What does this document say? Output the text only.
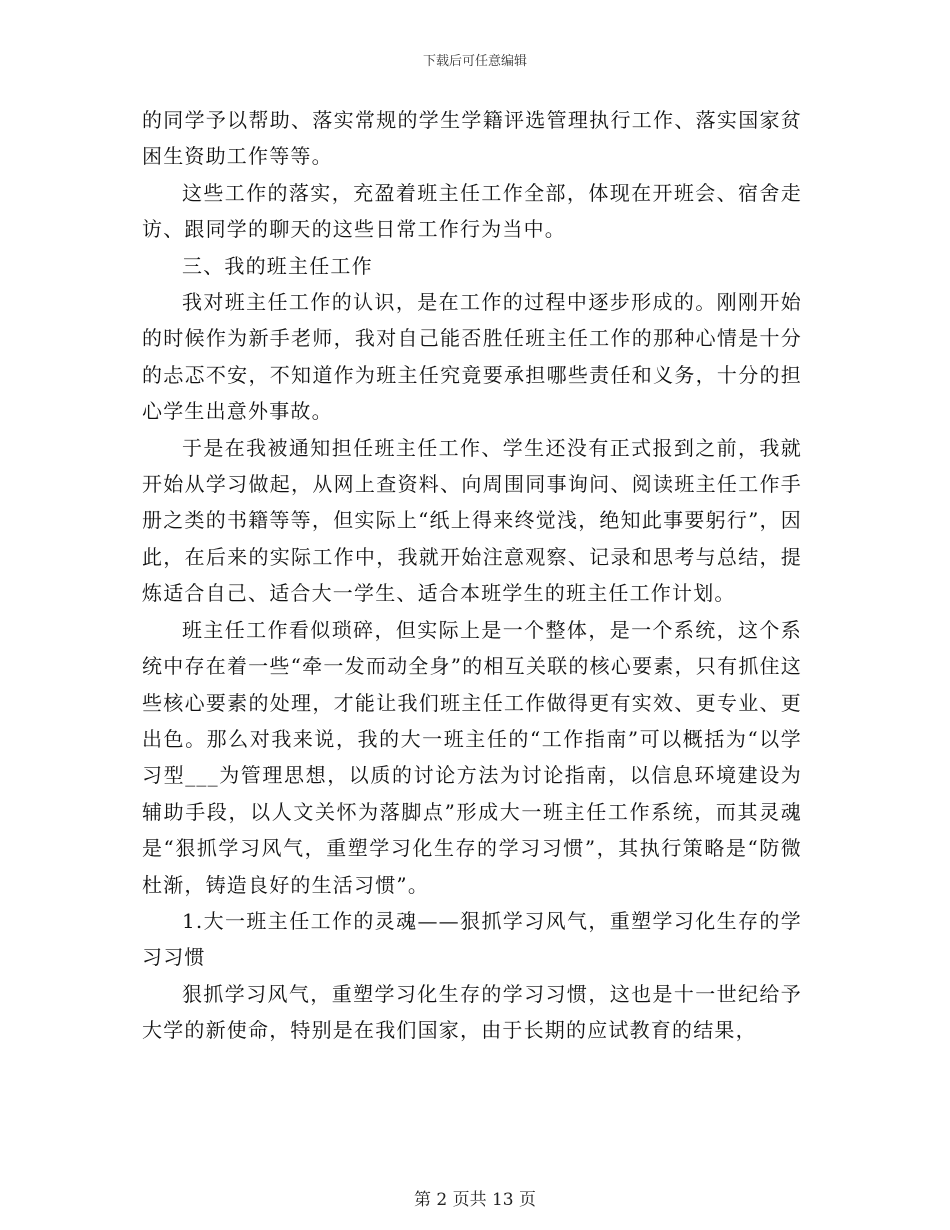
下载后可任意编辑

的同学予以帮助、落实常规的学生学籍评选管理执行工作、落实国家贫困生资助工作等等。

这些工作的落实，充盈着班主任工作全部，体现在开班会、宿舍走访、跟同学的聊天的这些日常工作行为当中。

三、我的班主任工作

我对班主任工作的认识，是在工作的过程中逐步形成的。刚刚开始的时候作为新手老师，我对自己能否胜任班主任工作的那种心情是十分的忐忑不安，不知道作为班主任究竟要承担哪些责任和义务，十分的担心学生出意外事故。

于是在我被通知担任班主任工作、学生还没有正式报到之前，我就开始从学习做起，从网上查资料、向周围同事询问、阅读班主任工作手册之类的书籍等等，但实际上“纸上得来终觉浅，绝知此事要躬行”，因此，在后来的实际工作中，我就开始注意观察、记录和思考与总结，提炼适合自己、适合大一学生、适合本班学生的班主任工作计划。

班主任工作看似琐碎，但实际上是一个整体，是一个系统，这个系统中存在着一些“牵一发而动全身”的相互关联的核心要素，只有抓住这些核心要素的处理，才能让我们班主任工作做得更有实效、更专业、更出色。那么对我来说，我的大一班主任的“工作指南”可以概括为“以学习型___为管理思想，以质的讨论方法为讨论指南，以信息环境建设为辅助手段，以人文关怀为落脚点”形成大一班主任工作系统，而其灵魂是“狠抓学习风气，重塑学习化生存的学习习惯”，其执行策略是“防微杜渐，铸造良好的生活习惯”。

1.大一班主任工作的灵魂——狠抓学习风气，重塑学习化生存的学习习惯

狠抓学习风气，重塑学习化生存的学习习惯，这也是十一世纪给予大学的新使命，特别是在我们国家，由于长期的应试教育的结果，

第 2 页共 13 页
